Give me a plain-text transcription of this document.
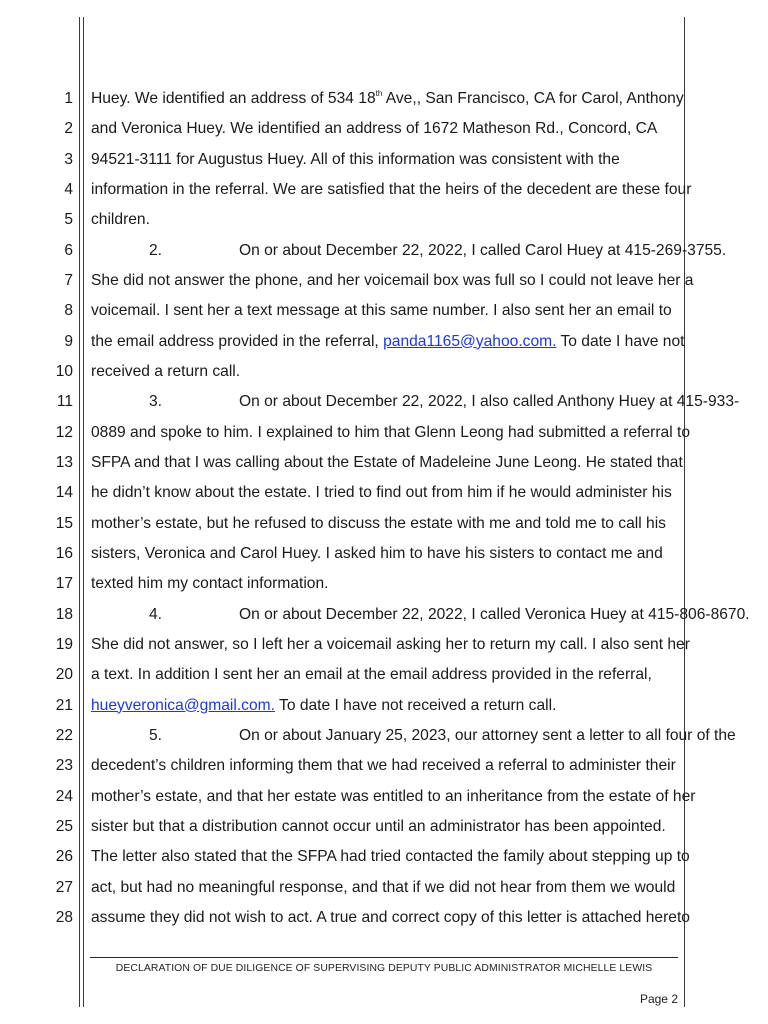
1
2
3
4
5
6
7
8
9
10
11
12
13
14
15
16
17
18
19
20
21
22
23
24
25
26
27
28
Huey. We identified an address of 534 18th Ave,, San Francisco, CA for Carol, Anthony
and Veronica Huey. We identified an address of 1672 Matheson Rd., Concord, CA
94521-3111 for Augustus Huey. All of this information was consistent with the
information in the referral. We are satisfied that the heirs of the decedent are these four
children.
2.	On or about December 22, 2022, I called Carol Huey at 415-269-3755.
She did not answer the phone, and her voicemail box was full so I could not leave her a
voicemail. I sent her a text message at this same number. I also sent her an email to
the email address provided in the referral, panda1165@yahoo.com. To date I have not
received a return call.
3.	On or about December 22, 2022, I also called Anthony Huey at 415-933-
0889 and spoke to him. I explained to him that Glenn Leong had submitted a referral to
SFPA and that I was calling about the Estate of Madeleine June Leong. He stated that
he didn’t know about the estate. I tried to find out from him if he would administer his
mother’s estate, but he refused to discuss the estate with me and told me to call his
sisters, Veronica and Carol Huey. I asked him to have his sisters to contact me and
texted him my contact information.
4.	On or about December 22, 2022, I called Veronica Huey at 415-806-8670.
She did not answer, so I left her a voicemail asking her to return my call. I also sent her
a text. In addition I sent her an email at the email address provided in the referral,
hueyveronica@gmail.com. To date I have not received a return call.
5.	On or about January 25, 2023, our attorney sent a letter to all four of the
decedent’s children informing them that we had received a referral to administer their
mother’s estate, and that her estate was entitled to an inheritance from the estate of her
sister but that a distribution cannot occur until an administrator has been appointed.
The letter also stated that the SFPA had tried contacted the family about stepping up to
act, but had no meaningful response, and that if we did not hear from them we would
assume they did not wish to act. A true and correct copy of this letter is attached hereto
DECLARATION OF DUE DILIGENCE OF SUPERVISING DEPUTY PUBLIC ADMINISTRATOR MICHELLE LEWIS
Page 2
